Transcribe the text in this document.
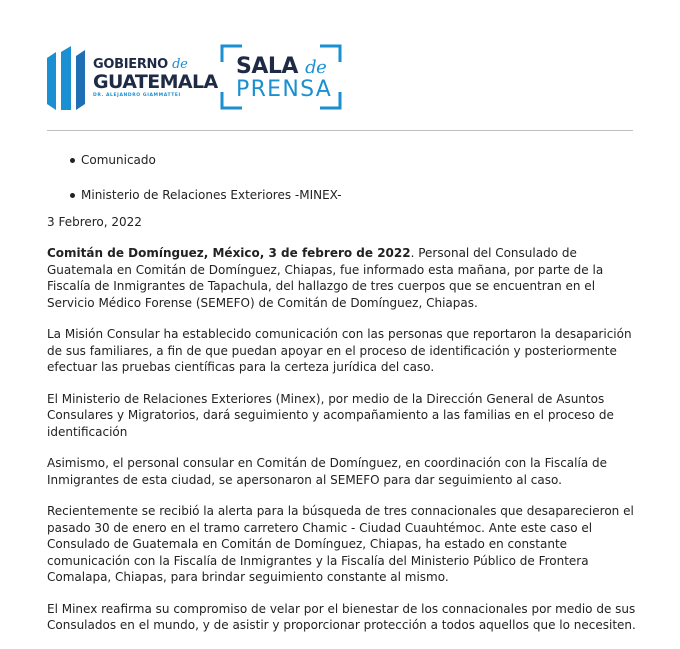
GOBIERNO de
GUATEMALA
DR. ALEJANDRO GIAMMATTEI
SALA de
PRENSA
Comunicado
Ministerio de Relaciones Exteriores -MINEX-
3 Febrero, 2022

Comitán de Domínguez, México, 3 de febrero de 2022. Personal del Consulado de Guatemala en Comitán de Domínguez, Chiapas, fue informado esta mañana, por parte de la Fiscalía de Inmigrantes de Tapachula, del hallazgo de tres cuerpos que se encuentran en el Servicio Médico Forense (SEMEFO) de Comitán de Domínguez, Chiapas.

La Misión Consular ha establecido comunicación con las personas que reportaron la desaparición de sus familiares, a fin de que puedan apoyar en el proceso de identificación y posteriormente efectuar las pruebas científicas para la certeza jurídica del caso.

El Ministerio de Relaciones Exteriores (Minex), por medio de la Dirección General de Asuntos Consulares y Migratorios, dará seguimiento y acompañamiento a las familias en el proceso de identificación

Asimismo, el personal consular en Comitán de Domínguez, en coordinación con la Fiscalía de Inmigrantes de esta ciudad, se apersonaron al SEMEFO para dar seguimiento al caso.

Recientemente se recibió la alerta para la búsqueda de tres connacionales que desaparecieron el pasado 30 de enero en el tramo carretero Chamic - Ciudad Cuauhtémoc. Ante este caso el Consulado de Guatemala en Comitán de Domínguez, Chiapas, ha estado en constante comunicación con la Fiscalía de Inmigrantes y la Fiscalía del Ministerio Público de Frontera Comalapa, Chiapas, para brindar seguimiento constante al mismo.

El Minex reafirma su compromiso de velar por el bienestar de los connacionales por medio de sus Consulados en el mundo, y de asistir y proporcionar protección a todos aquellos que lo necesiten.
